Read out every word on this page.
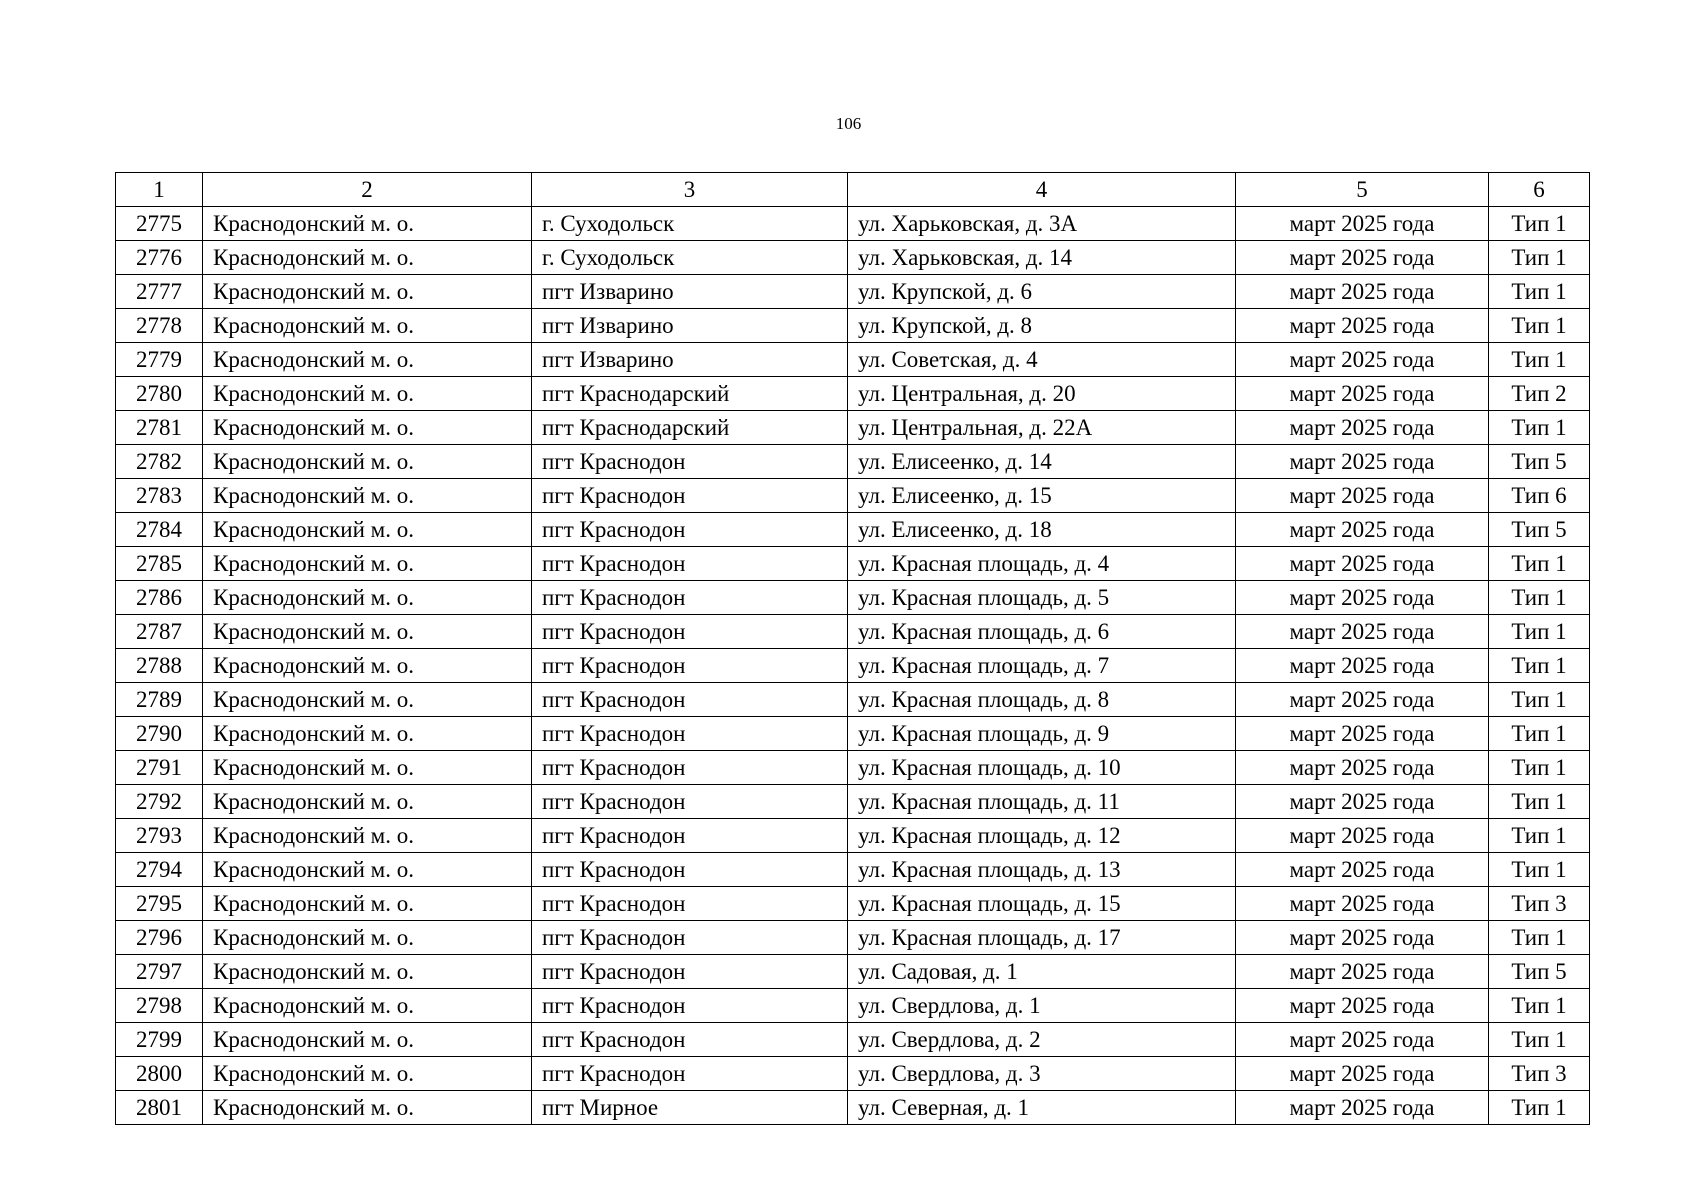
106
1	2	3	4	5	6
2775	Краснодонский м. о.	г. Суходольск	ул. Харьковская, д. 3А	март 2025 года	Тип 1
2776	Краснодонский м. о.	г. Суходольск	ул. Харьковская, д. 14	март 2025 года	Тип 1
2777	Краснодонский м. о.	пгт Изварино	ул. Крупской, д. 6	март 2025 года	Тип 1
2778	Краснодонский м. о.	пгт Изварино	ул. Крупской, д. 8	март 2025 года	Тип 1
2779	Краснодонский м. о.	пгт Изварино	ул. Советская, д. 4	март 2025 года	Тип 1
2780	Краснодонский м. о.	пгт Краснодарский	ул. Центральная, д. 20	март 2025 года	Тип 2
2781	Краснодонский м. о.	пгт Краснодарский	ул. Центральная, д. 22А	март 2025 года	Тип 1
2782	Краснодонский м. о.	пгт Краснодон	ул. Елисеенко, д. 14	март 2025 года	Тип 5
2783	Краснодонский м. о.	пгт Краснодон	ул. Елисеенко, д. 15	март 2025 года	Тип 6
2784	Краснодонский м. о.	пгт Краснодон	ул. Елисеенко, д. 18	март 2025 года	Тип 5
2785	Краснодонский м. о.	пгт Краснодон	ул. Красная площадь, д. 4	март 2025 года	Тип 1
2786	Краснодонский м. о.	пгт Краснодон	ул. Красная площадь, д. 5	март 2025 года	Тип 1
2787	Краснодонский м. о.	пгт Краснодон	ул. Красная площадь, д. 6	март 2025 года	Тип 1
2788	Краснодонский м. о.	пгт Краснодон	ул. Красная площадь, д. 7	март 2025 года	Тип 1
2789	Краснодонский м. о.	пгт Краснодон	ул. Красная площадь, д. 8	март 2025 года	Тип 1
2790	Краснодонский м. о.	пгт Краснодон	ул. Красная площадь, д. 9	март 2025 года	Тип 1
2791	Краснодонский м. о.	пгт Краснодон	ул. Красная площадь, д. 10	март 2025 года	Тип 1
2792	Краснодонский м. о.	пгт Краснодон	ул. Красная площадь, д. 11	март 2025 года	Тип 1
2793	Краснодонский м. о.	пгт Краснодон	ул. Красная площадь, д. 12	март 2025 года	Тип 1
2794	Краснодонский м. о.	пгт Краснодон	ул. Красная площадь, д. 13	март 2025 года	Тип 1
2795	Краснодонский м. о.	пгт Краснодон	ул. Красная площадь, д. 15	март 2025 года	Тип 3
2796	Краснодонский м. о.	пгт Краснодон	ул. Красная площадь, д. 17	март 2025 года	Тип 1
2797	Краснодонский м. о.	пгт Краснодон	ул. Садовая, д. 1	март 2025 года	Тип 5
2798	Краснодонский м. о.	пгт Краснодон	ул. Свердлова, д. 1	март 2025 года	Тип 1
2799	Краснодонский м. о.	пгт Краснодон	ул. Свердлова, д. 2	март 2025 года	Тип 1
2800	Краснодонский м. о.	пгт Краснодон	ул. Свердлова, д. 3	март 2025 года	Тип 3
2801	Краснодонский м. о.	пгт Мирное	ул. Северная, д. 1	март 2025 года	Тип 1
